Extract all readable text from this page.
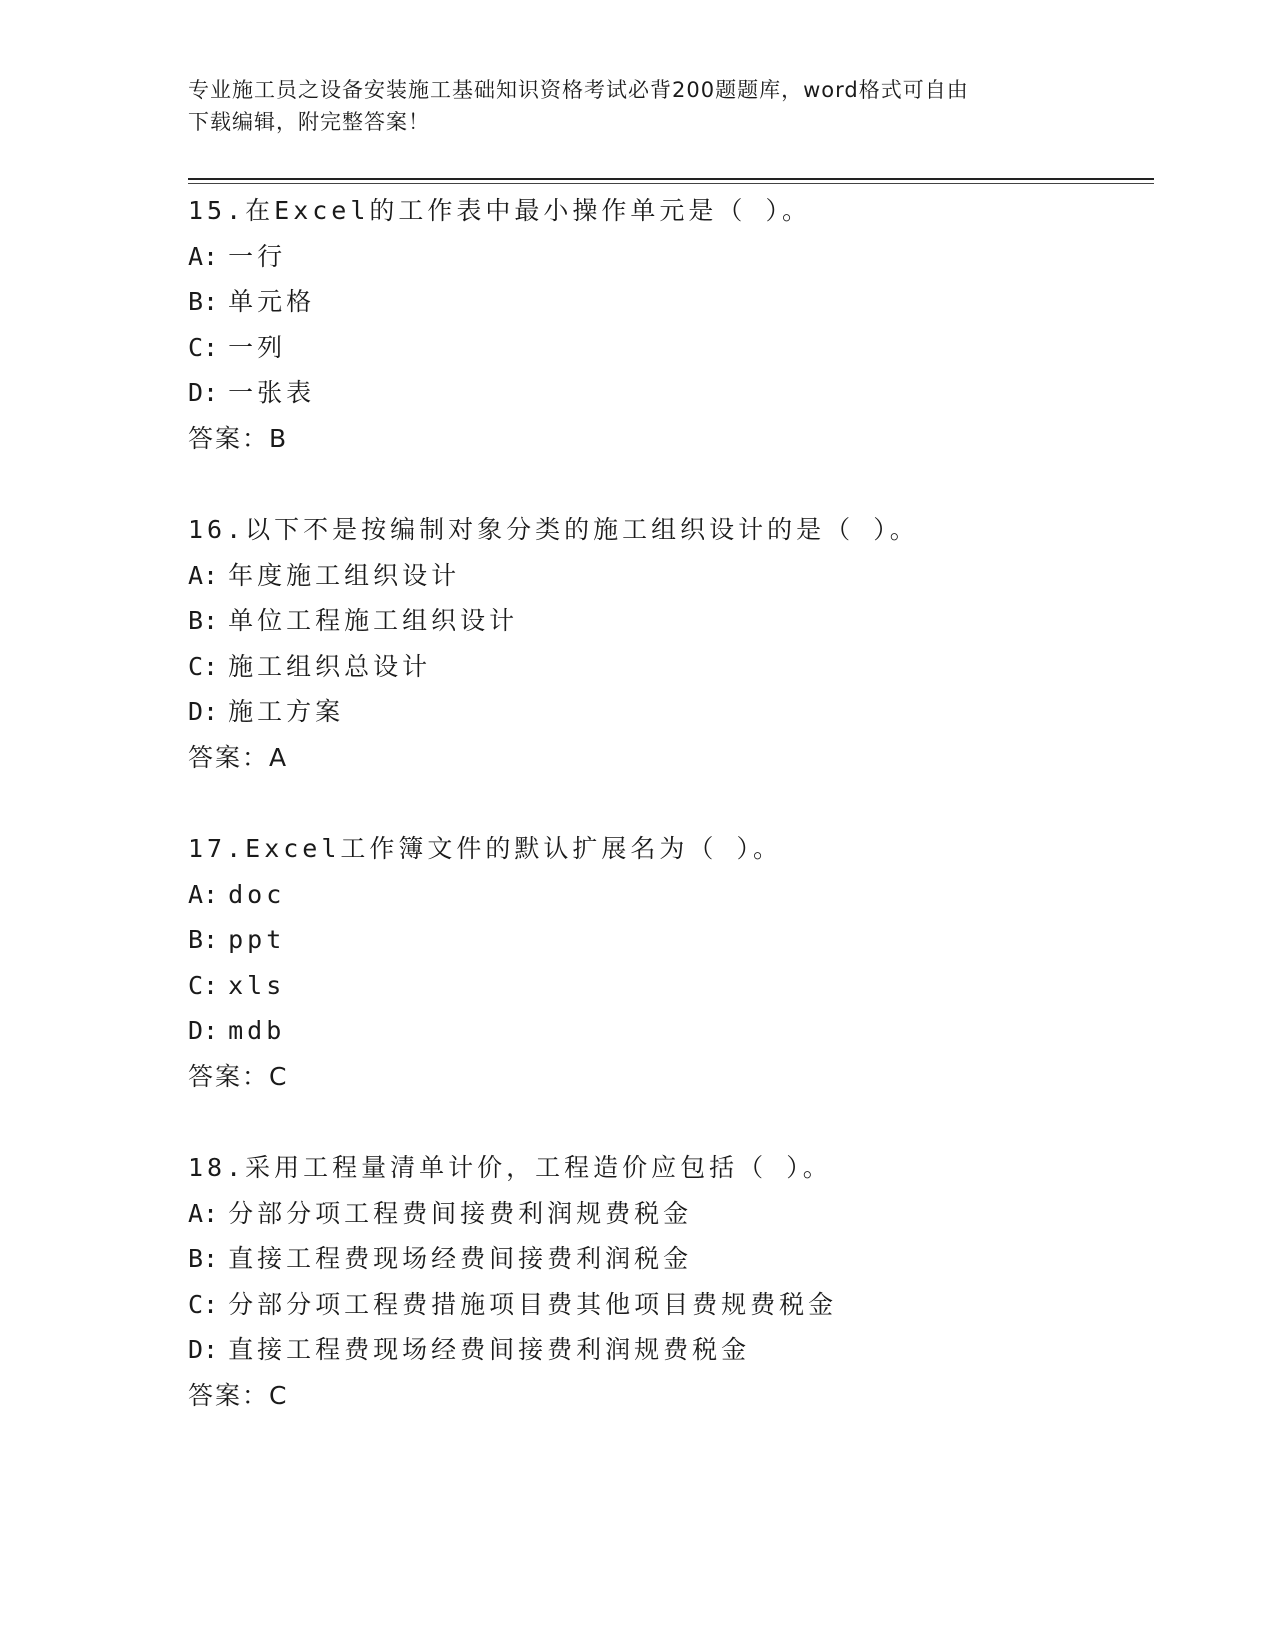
专业施工员之设备安装施工基础知识资格考试必背200题题库，word格式可自由
下载编辑，附完整答案！
15.在Excel的工作表中最小操作单元是（ ）。
A: 一行
B: 单元格
C: 一列
D: 一张表
答案：B
16.以下不是按编制对象分类的施工组织设计的是（ ）。
A: 年度施工组织设计
B: 单位工程施工组织设计
C: 施工组织总设计
D: 施工方案
答案：A
17.Excel工作簿文件的默认扩展名为（ ）。
A: doc
B: ppt
C: xls
D: mdb
答案：C
18.采用工程量清单计价，工程造价应包括（ ）。
A: 分部分项工程费间接费利润规费税金
B: 直接工程费现场经费间接费利润税金
C: 分部分项工程费措施项目费其他项目费规费税金
D: 直接工程费现场经费间接费利润规费税金
答案：C
